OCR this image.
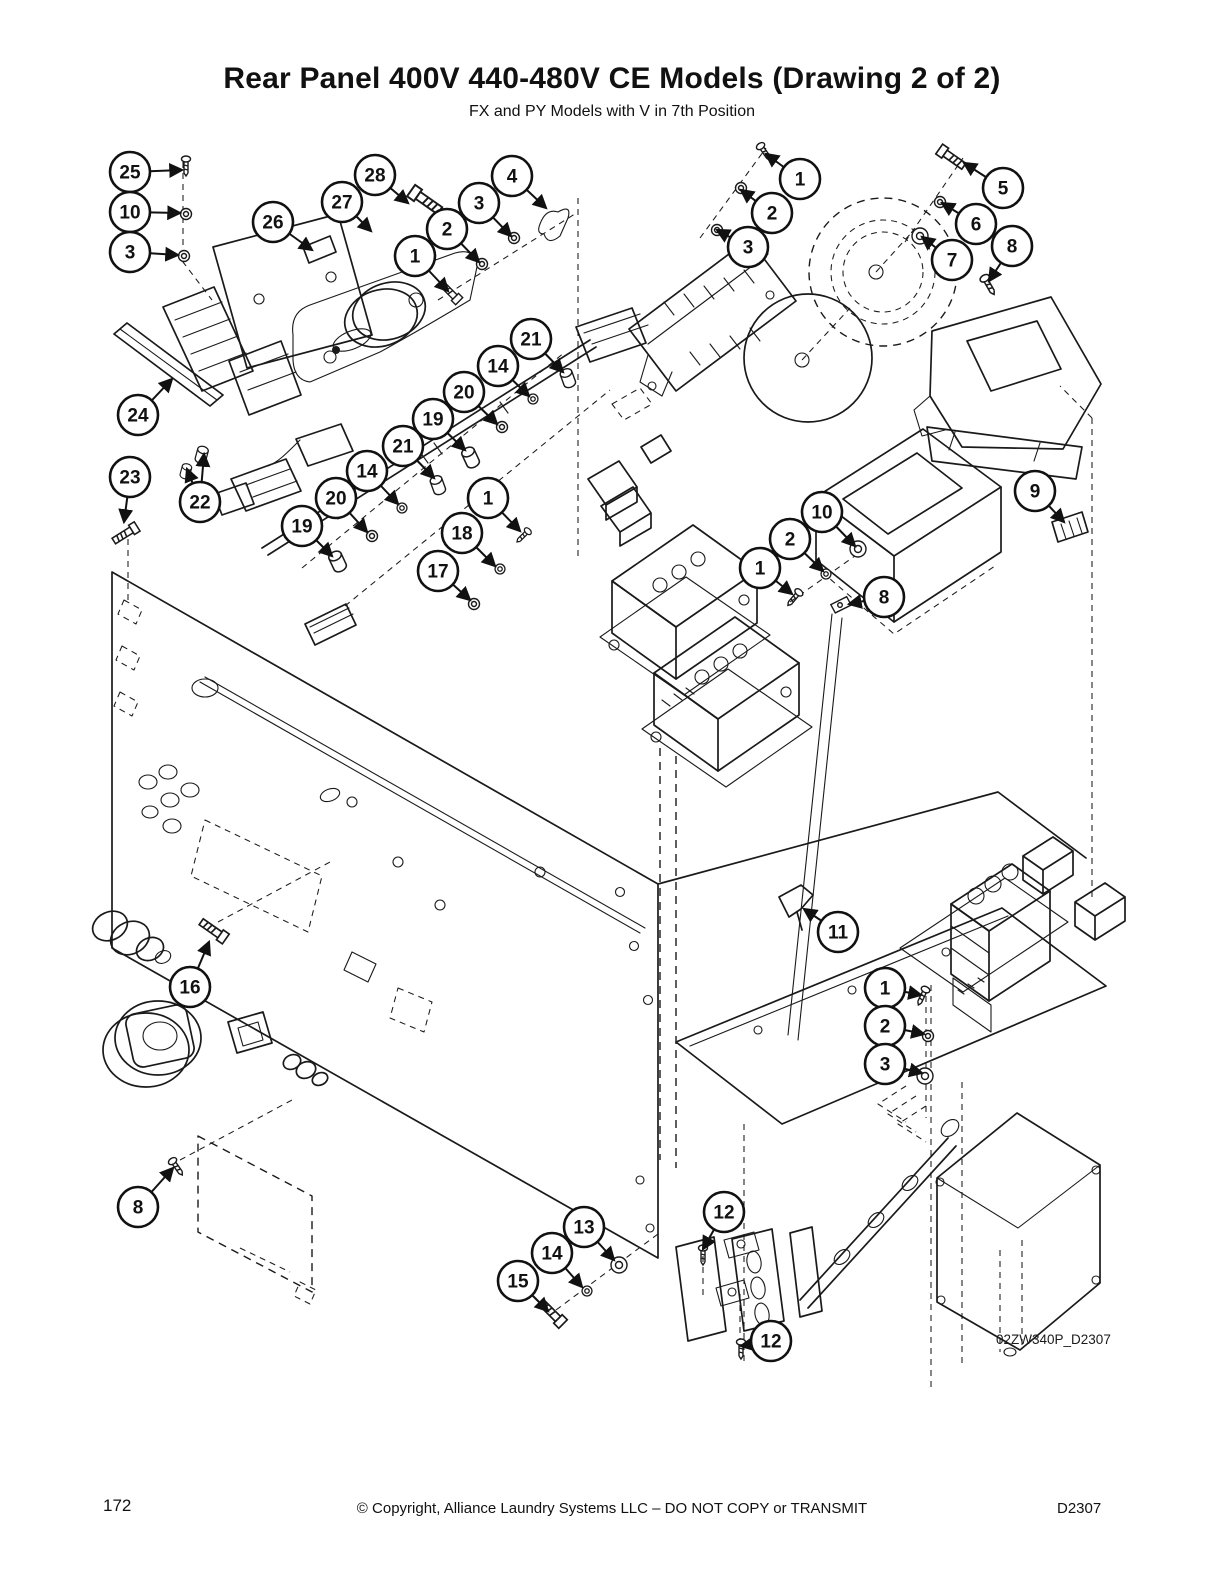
Rear Panel 400V 440-480V CE Models (Drawing 2 of 2)
FX and PY Models with V in 7th Position
25
10
3
26
27
28
1
2
3
4	1
2
3
5
6
7
8
21
14
20
19
21
14
20
19
1
18
17
24
23
22	10
2
1
8
9
11
1
2
3
16
8
13
14
15
12
12	02ZW340P_D2307
172	© Copyright, Alliance Laundry Systems LLC – DO NOT COPY or TRANSMIT	D2307
